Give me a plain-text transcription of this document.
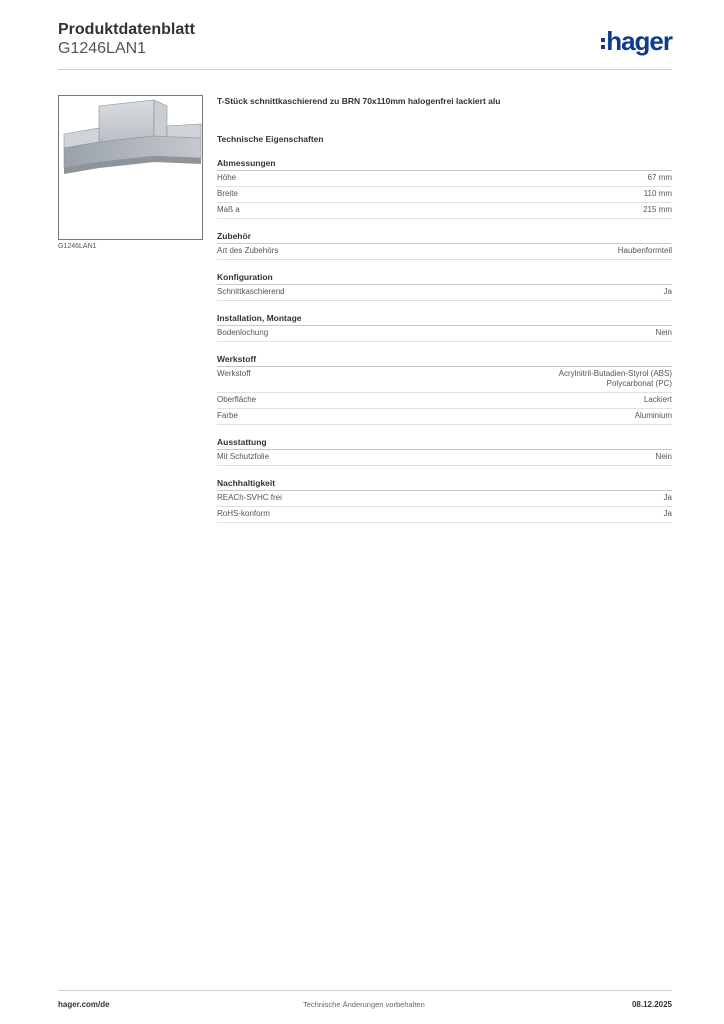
Produktdatenblatt
G1246LAN1	hager
G1246LAN1
T-Stück schnittkaschierend zu BRN 70x110mm halogenfrei lackiert alu
Technische Eigenschaften
Abmessungen
Höhe	67 mm
Breite	110 mm
Maß a	215 mm
Zubehör
Art des Zubehörs	Haubenformteil
Konfiguration
Schnittkaschierend	Ja
Installation, Montage
Bodenlochung	Nein
Werkstoff
Werkstoff	Acrylnitril-Butadien-Styrol (ABS)
Polycarbonat (PC)
Oberfläche	Lackiert
Farbe	Aluminium
Ausstattung
Mit Schutzfolie	Nein
Nachhaltigkeit
REACh-SVHC frei	Ja
RoHS-konform	Ja
hager.com/de	Technische Änderungen vorbehalten	08.12.2025
